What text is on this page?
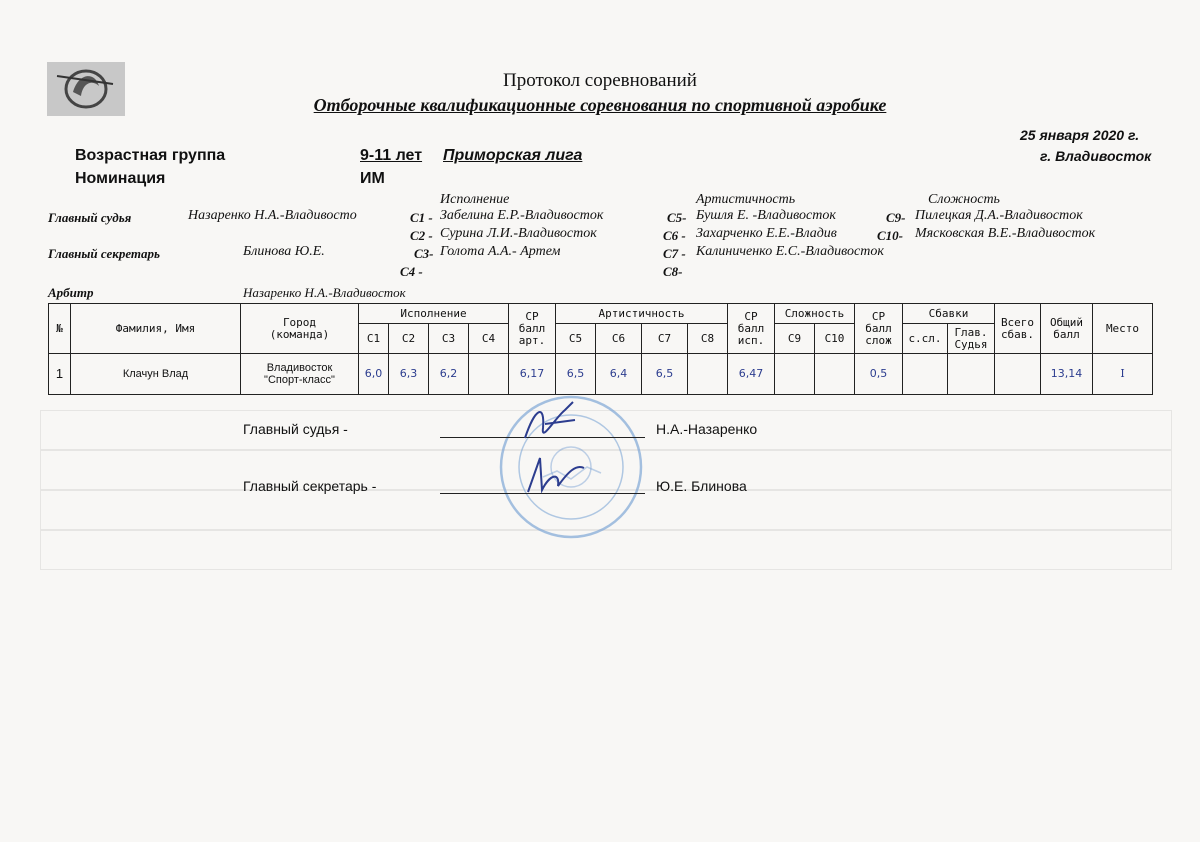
Протокол соревнований
Отборочные квалификационные соревнования по спортивной аэробике
25 января 2020 г.
г. Владивосток
Возрастная группа	9-11 лет Приморская лига
Номинация	ИМ
Исполнение	Артистичность	Сложность
Главный судья	Назаренко Н.А.-Владивосто
Главный секретарь	Блинова Ю.Е.
Арбитр	Назаренко Н.А.-Владивосток
С1 - Забелина Е.Р.-Владивосток
С2 - Сурина Л.И.-Владивосток
С3- Голота А.А.- Артем
С4 -
С5- Бушля Е. -Владивосток
С6 - Захарченко Е.Е.-Владив
С7 - Калиниченко Е.С.-Владивосток
С8-
С9- Пилецкая Д.А.-Владивосток
С10- Мясковская В.Е.-Владивосток
№	Фамилия, Имя	Город
(команда)	Исполнение				СР
балл
арт.	Артистичность				СР
балл
исп.	Сложность		СР
балл
слож	Сбавки		Всего
сбав.	Общий
балл	Место
			С1	С2	С3	С4		С5	С6	С7	С8		С9	С10		с.сл.	Глав.
Судья			
1	Клачун Влад	Владивосток
"Спорт-класс"	6,0	6,3	6,2		6,17	6,5	6,4	6,5		6,47			0,5				13,14	I
Главный судья -	Н.А.-Назаренко
Главный секретарь -	Ю.Е. Блинова
